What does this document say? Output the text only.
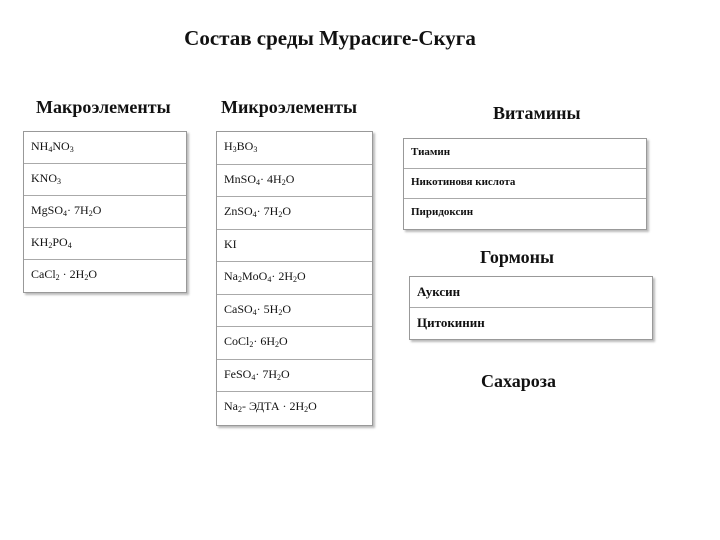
Состав среды Мурасиге-Скуга
Макроэлементы
$NH_4NO_3$
$KNO_3$
MgSO$_4$· $7H_2O$
$KH_2PO_4$
CaCl$_2$ · $2H_2O$
Микроэлементы
$H_3BO_3$
MnSO$_4$· $4H_2O$
ZnSO$_4$· $7H_2O$
KI
$Na_2MoO_4\cdot 2H_2O$
CaSO$_4$· $5H_2O$
CoCl$_2$· $6H_2O$
FeSO$_4$· $7H_2O$
$Na_2-$ ЭДТА · $2H_2O$
Витамины
Тиамин
Никотиновя кислота
Пиридоксин
Гормоны
Ауксин
Цитокинин
Сахароза
